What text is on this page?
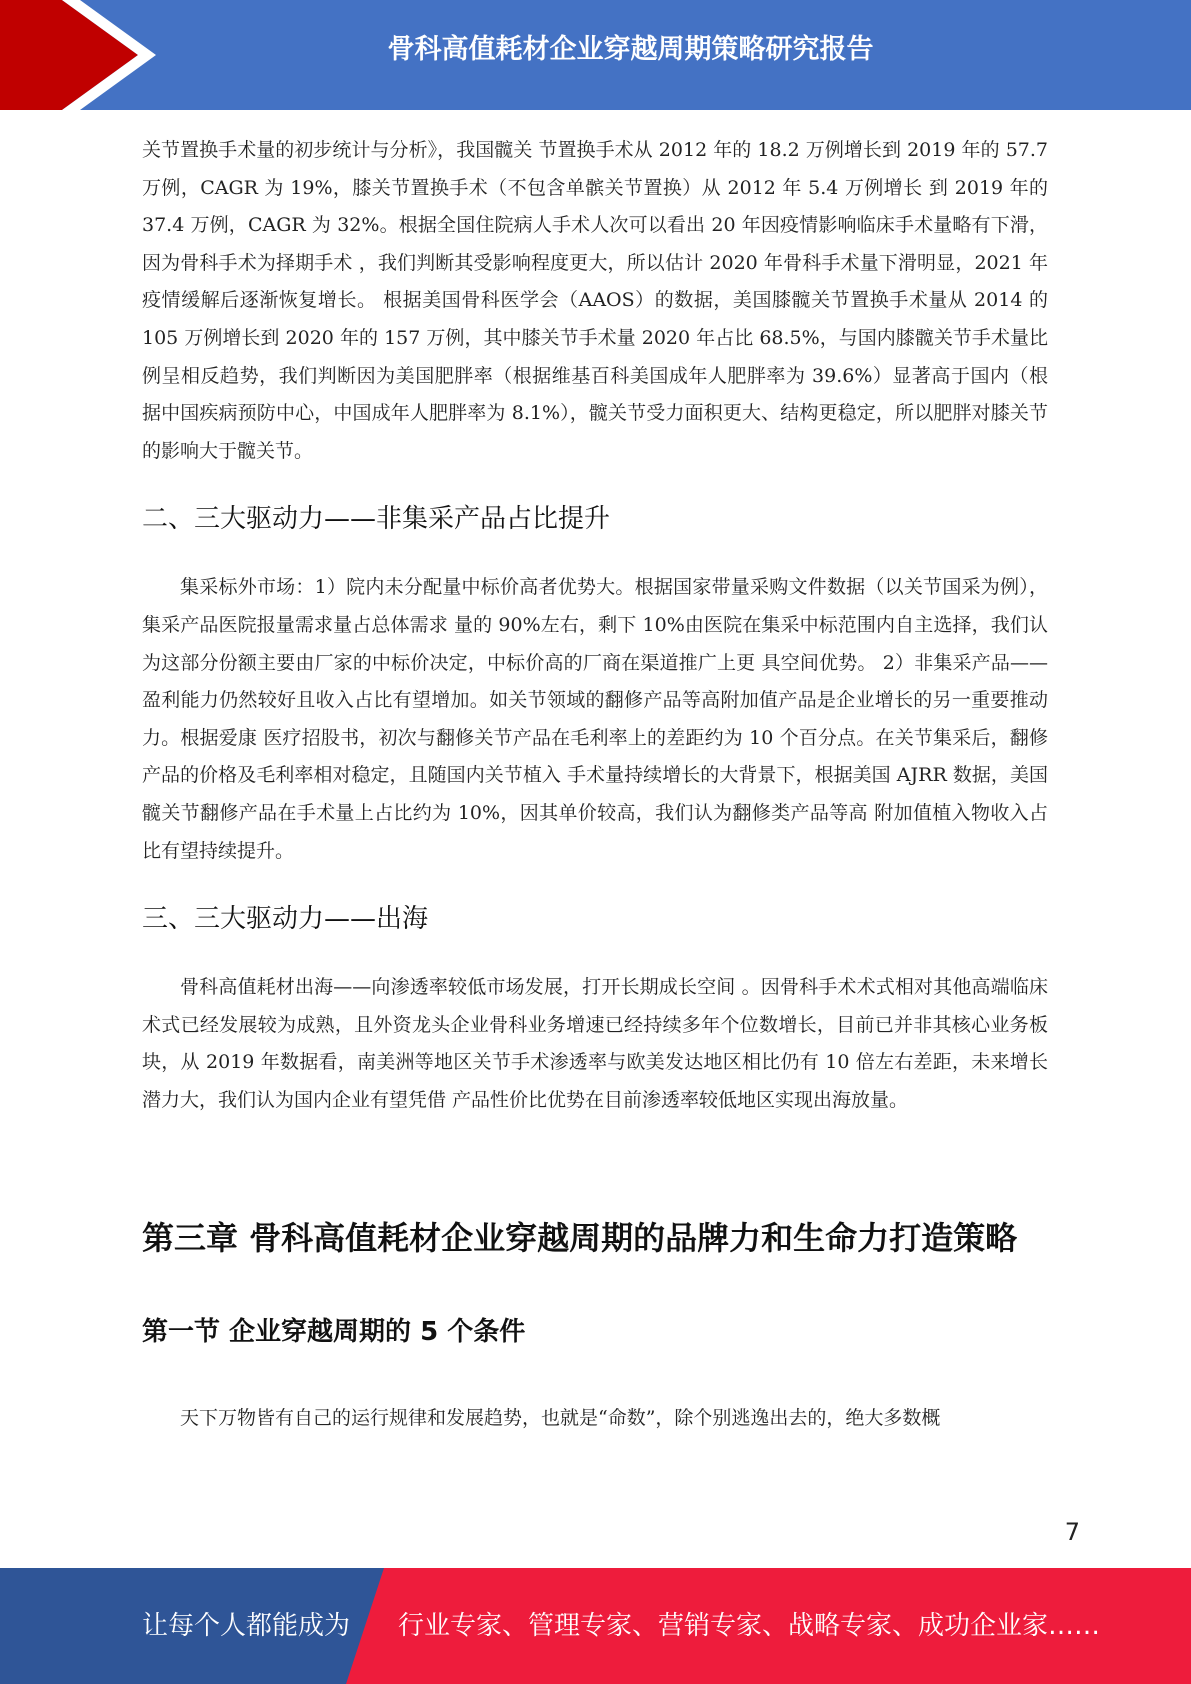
骨科高值耗材企业穿越周期策略研究报告

关节置换手术量的初步统计与分析》，我国髋关 节置换手术从 2012 年的 18.2 万例增长到 2019 年的 57.7 万例，CAGR 为 19%，膝关节置换手术（不包含单髌关节置换）从 2012 年 5.4 万例增长 到 2019 年的 37.4 万例，CAGR 为 32%。根据全国住院病人手术人次可以看出 20 年因疫情影响临床手术量略有下滑，因为骨科手术为择期手术 ，我们判断其受影响程度更大，所以估计 2020 年骨科手术量下滑明显，2021 年疫情缓解后逐渐恢复增长。 根据美国骨科医学会（AAOS）的数据，美国膝髋关节置换手术量从 2014 的 105 万例增长到 2020 年的 157 万例，其中膝关节手术量 2020 年占比 68.5%，与国内膝髋关节手术量比例呈相反趋势，我们判断因为美国肥胖率（根据维基百科美国成年人肥胖率为 39.6%）显著高于国内（根 据中国疾病预防中心，中国成年人肥胖率为 8.1%），髋关节受力面积更大、结构更稳定，所以肥胖对膝关节的影响大于髋关节。

二、三大驱动力——非集采产品占比提升

集采标外市场：1）院内未分配量中标价高者优势大。根据国家带量采购文件数据（以关节国采为例），集采产品医院报量需求量占总体需求 量的 90%左右，剩下 10%由医院在集采中标范围内自主选择，我们认为这部分份额主要由厂家的中标价决定，中标价高的厂商在渠道推广上更 具空间优势。 2）非集采产品——盈利能力仍然较好且收入占比有望增加。如关节领域的翻修产品等高附加值产品是企业增长的另一重要推动力。根据爱康 医疗招股书，初次与翻修关节产品在毛利率上的差距约为 10 个百分点。在关节集采后，翻修产品的价格及毛利率相对稳定，且随国内关节植入 手术量持续增长的大背景下，根据美国 AJRR 数据，美国髋关节翻修产品在手术量上占比约为 10%，因其单价较高，我们认为翻修类产品等高 附加值植入物收入占比有望持续提升。

三、三大驱动力——出海

骨科高值耗材出海——向渗透率较低市场发展，打开长期成长空间 。因骨科手术术式相对其他高端临床术式已经发展较为成熟，且外资龙头企业骨科业务增速已经持续多年个位数增长，目前已并非其核心业务板 块，从 2019 年数据看，南美洲等地区关节手术渗透率与欧美发达地区相比仍有 10 倍左右差距，未来增长潜力大，我们认为国内企业有望凭借 产品性价比优势在目前渗透率较低地区实现出海放量。

第三章 骨科高值耗材企业穿越周期的品牌力和生命力打造策略
第一节 企业穿越周期的 5 个条件

天下万物皆有自己的运行规律和发展趋势，也就是“命数”，除个别逃逸出去的，绝大多数概

7
让每个人都能成为 行业专家、管理专家、营销专家、战略专家、成功企业家……
